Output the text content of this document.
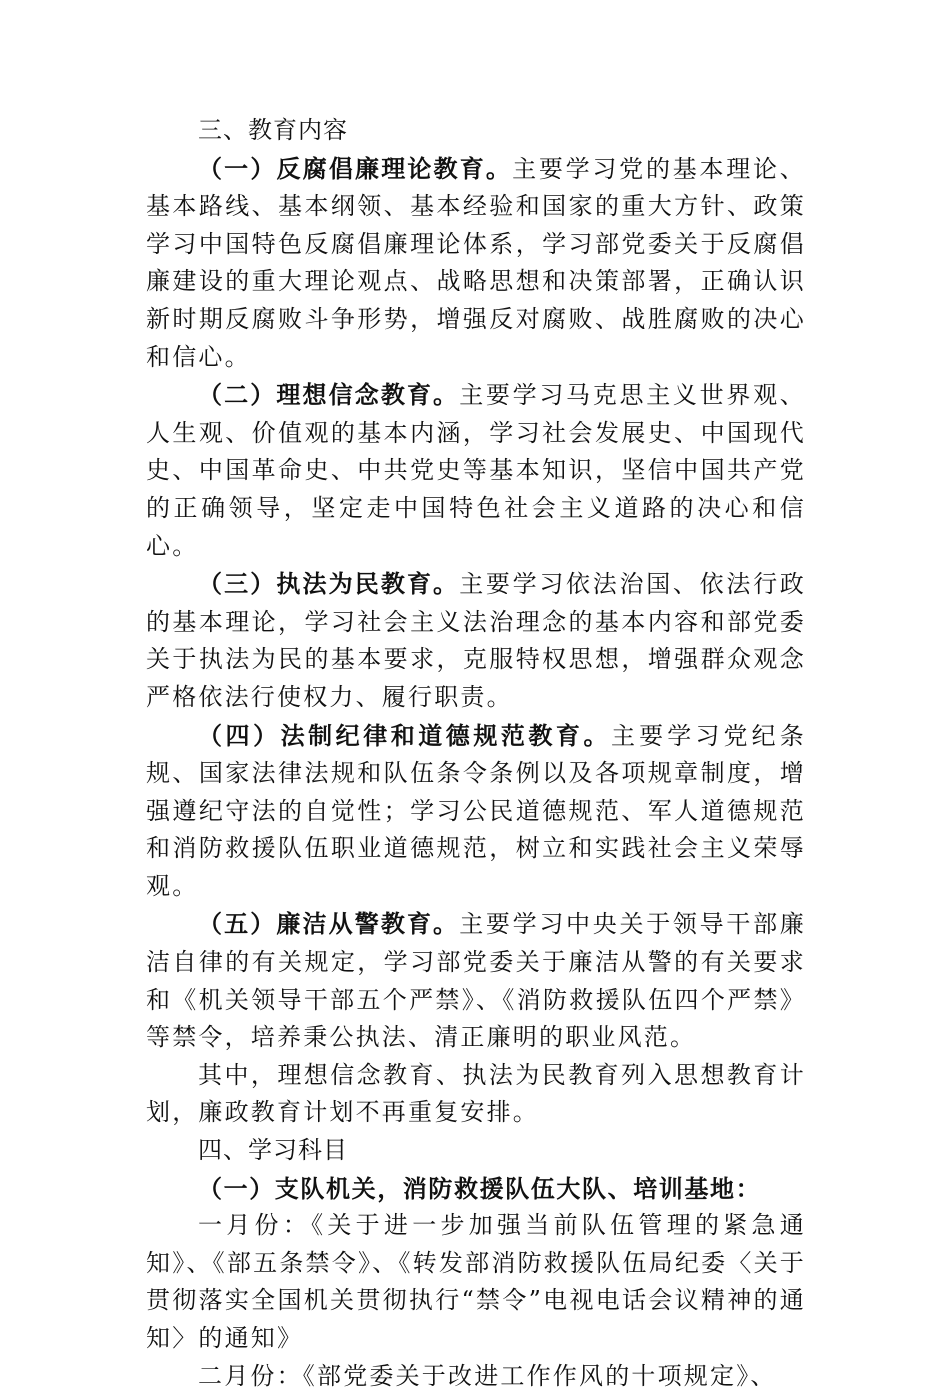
三、教育内容

（一）反腐倡廉理论教育。主要学习党的基本理论、基本路线、基本纲领、基本经验和国家的重大方针、政策学习中国特色反腐倡廉理论体系，学习部党委关于反腐倡廉建设的重大理论观点、战略思想和决策部署，正确认识新时期反腐败斗争形势，增强反对腐败、战胜腐败的决心和信心。

（二）理想信念教育。主要学习马克思主义世界观、人生观、价值观的基本内涵，学习社会发展史、中国现代史、中国革命史、中共党史等基本知识，坚信中国共产党的正确领导，坚定走中国特色社会主义道路的决心和信心。

（三）执法为民教育。主要学习依法治国、依法行政的基本理论，学习社会主义法治理念的基本内容和部党委关于执法为民的基本要求，克服特权思想，增强群众观念严格依法行使权力、履行职责。

（四）法制纪律和道德规范教育。主要学习党纪条规、国家法律法规和队伍条令条例以及各项规章制度，增强遵纪守法的自觉性；学习公民道德规范、军人道德规范和消防救援队伍职业道德规范，树立和实践社会主义荣辱观。

（五）廉洁从警教育。主要学习中央关于领导干部廉洁自律的有关规定，学习部党委关于廉洁从警的有关要求和《机关领导干部五个严禁》、《消防救援队伍四个严禁》等禁令，培养秉公执法、清正廉明的职业风范。

其中，理想信念教育、执法为民教育列入思想教育计划，廉政教育计划不再重复安排。

四、学习科目

（一）支队机关，消防救援队伍大队、培训基地：

一月份：《关于进一步加强当前队伍管理的紧急通知》、《部五条禁令》、《转发部消防救援队伍局纪委〈关于贯彻落实全国机关贯彻执行“禁令”电视电话会议精神的通知〉的通知》

二月份：《部党委关于改进工作作风的十项规定》、
